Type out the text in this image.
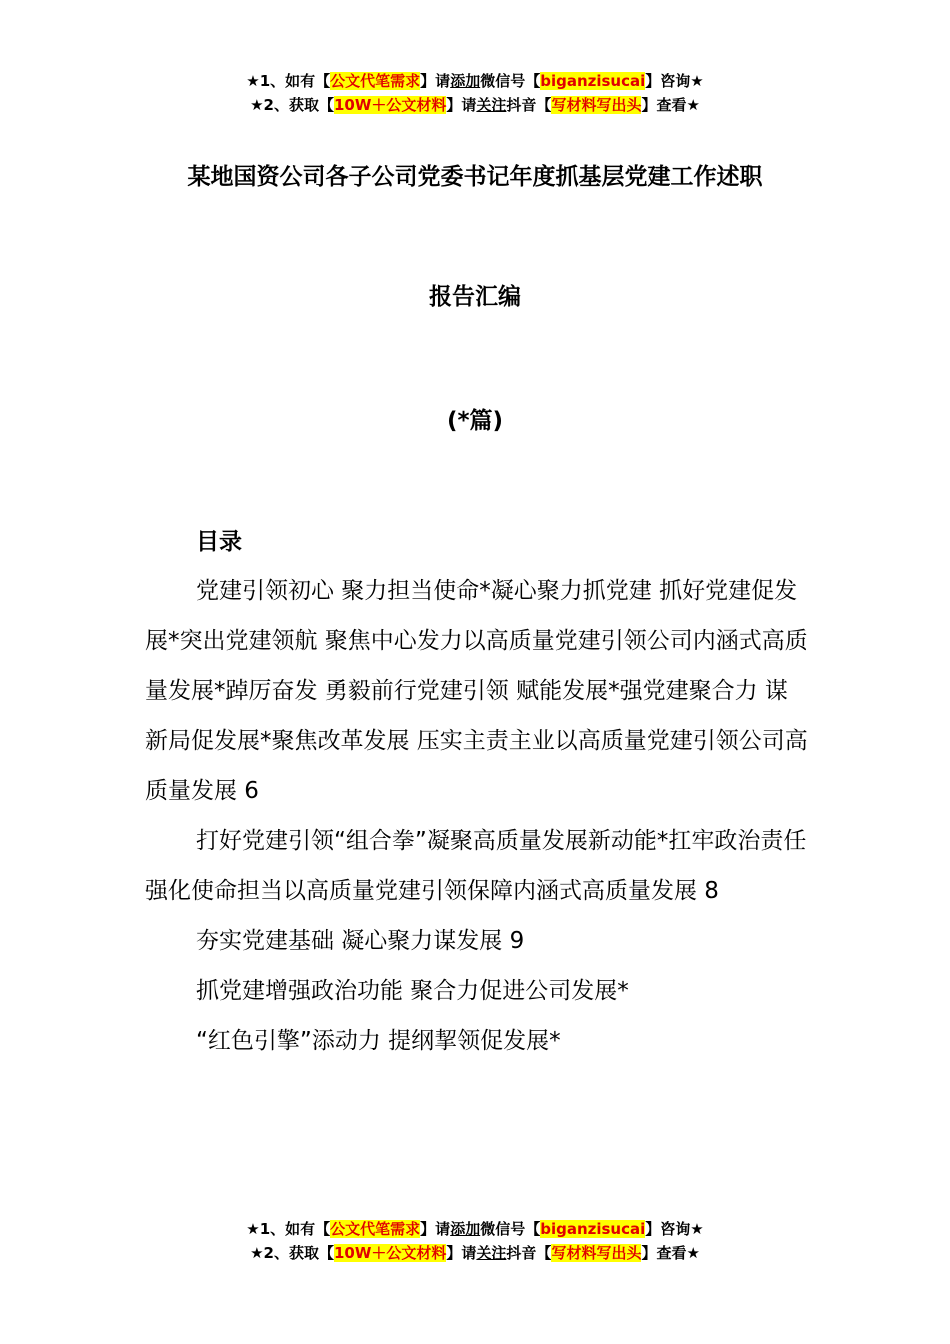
★1、如有【公文代笔需求】请添加微信号【biganzisucai】咨询★
★2、获取【10W＋公文材料】请关注抖音【写材料写出头】查看★
某地国资公司各子公司党委书记年度抓基层党建工作述职
报告汇编
(*篇)
目录

党建引领初心 聚力担当使命*凝心聚力抓党建 抓好党建促发展*突出党建领航 聚焦中心发力以高质量党建引领公司内涵式高质量发展*踔厉奋发 勇毅前行党建引领 赋能发展*强党建聚合力 谋新局促发展*聚焦改革发展 压实主责主业以高质量党建引领公司高质量发展 6

打好党建引领“组合拳”凝聚高质量发展新动能*扛牢政治责任 强化使命担当以高质量党建引领保障内涵式高质量发展 8

夯实党建基础 凝心聚力谋发展 9

抓党建增强政治功能 聚合力促进公司发展*

“红色引擎”添动力 提纲挈领促发展*

★1、如有【公文代笔需求】请添加微信号【biganzisucai】咨询★
★2、获取【10W＋公文材料】请关注抖音【写材料写出头】查看★
